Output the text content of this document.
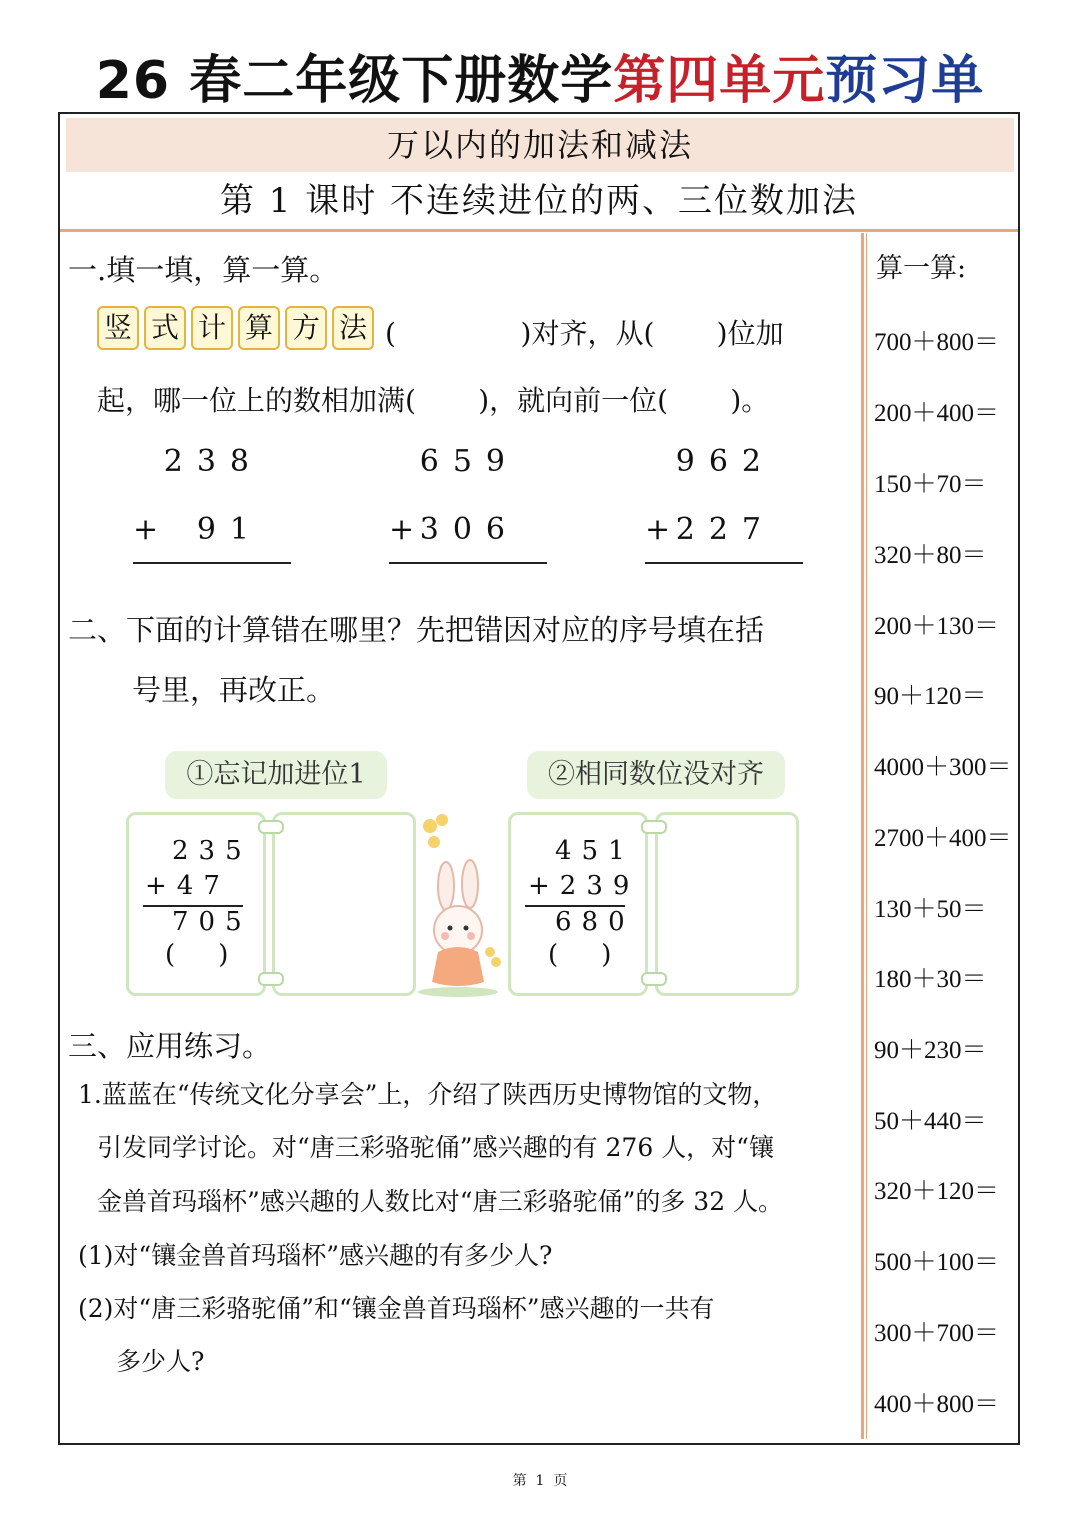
26 春二年级下册数学第四单元预习单
万以内的加法和减法
第 1 课时 不连续进位的两、三位数加法
一.填一填，算一算。
竖 式 计 算 方 法 (              )对齐，从(       )位加
起，哪一位上的数相加满(       )，就向前一位(       )。
238
+ 91
659
+ 306
962
+ 227
二、下面的计算错在哪里？先把错因对应的序号填在括
号里，再改正。
①忘记加进位1	②相同数位没对齐
235
+47
705
(    )
451
+239
680
(    )
三、应用练习。
1.蓝蓝在“传统文化分享会”上，介绍了陕西历史博物馆的文物，
引发同学讨论。对“唐三彩骆驼俑”感兴趣的有 276 人，对“镶
金兽首玛瑙杯”感兴趣的人数比对“唐三彩骆驼俑”的多 32 人。
(1)对“镶金兽首玛瑙杯”感兴趣的有多少人?
(2)对“唐三彩骆驼俑”和“镶金兽首玛瑙杯”感兴趣的一共有
多少人?
算一算:
700＋800＝
200＋400＝
150＋70＝
320＋80＝
200＋130＝
90＋120＝
4000＋300＝
2700＋400＝
130＋50＝
180＋30＝
90＋230＝
50＋440＝
320＋120＝
500＋100＝
300＋700＝
400＋800＝
第  1  页
